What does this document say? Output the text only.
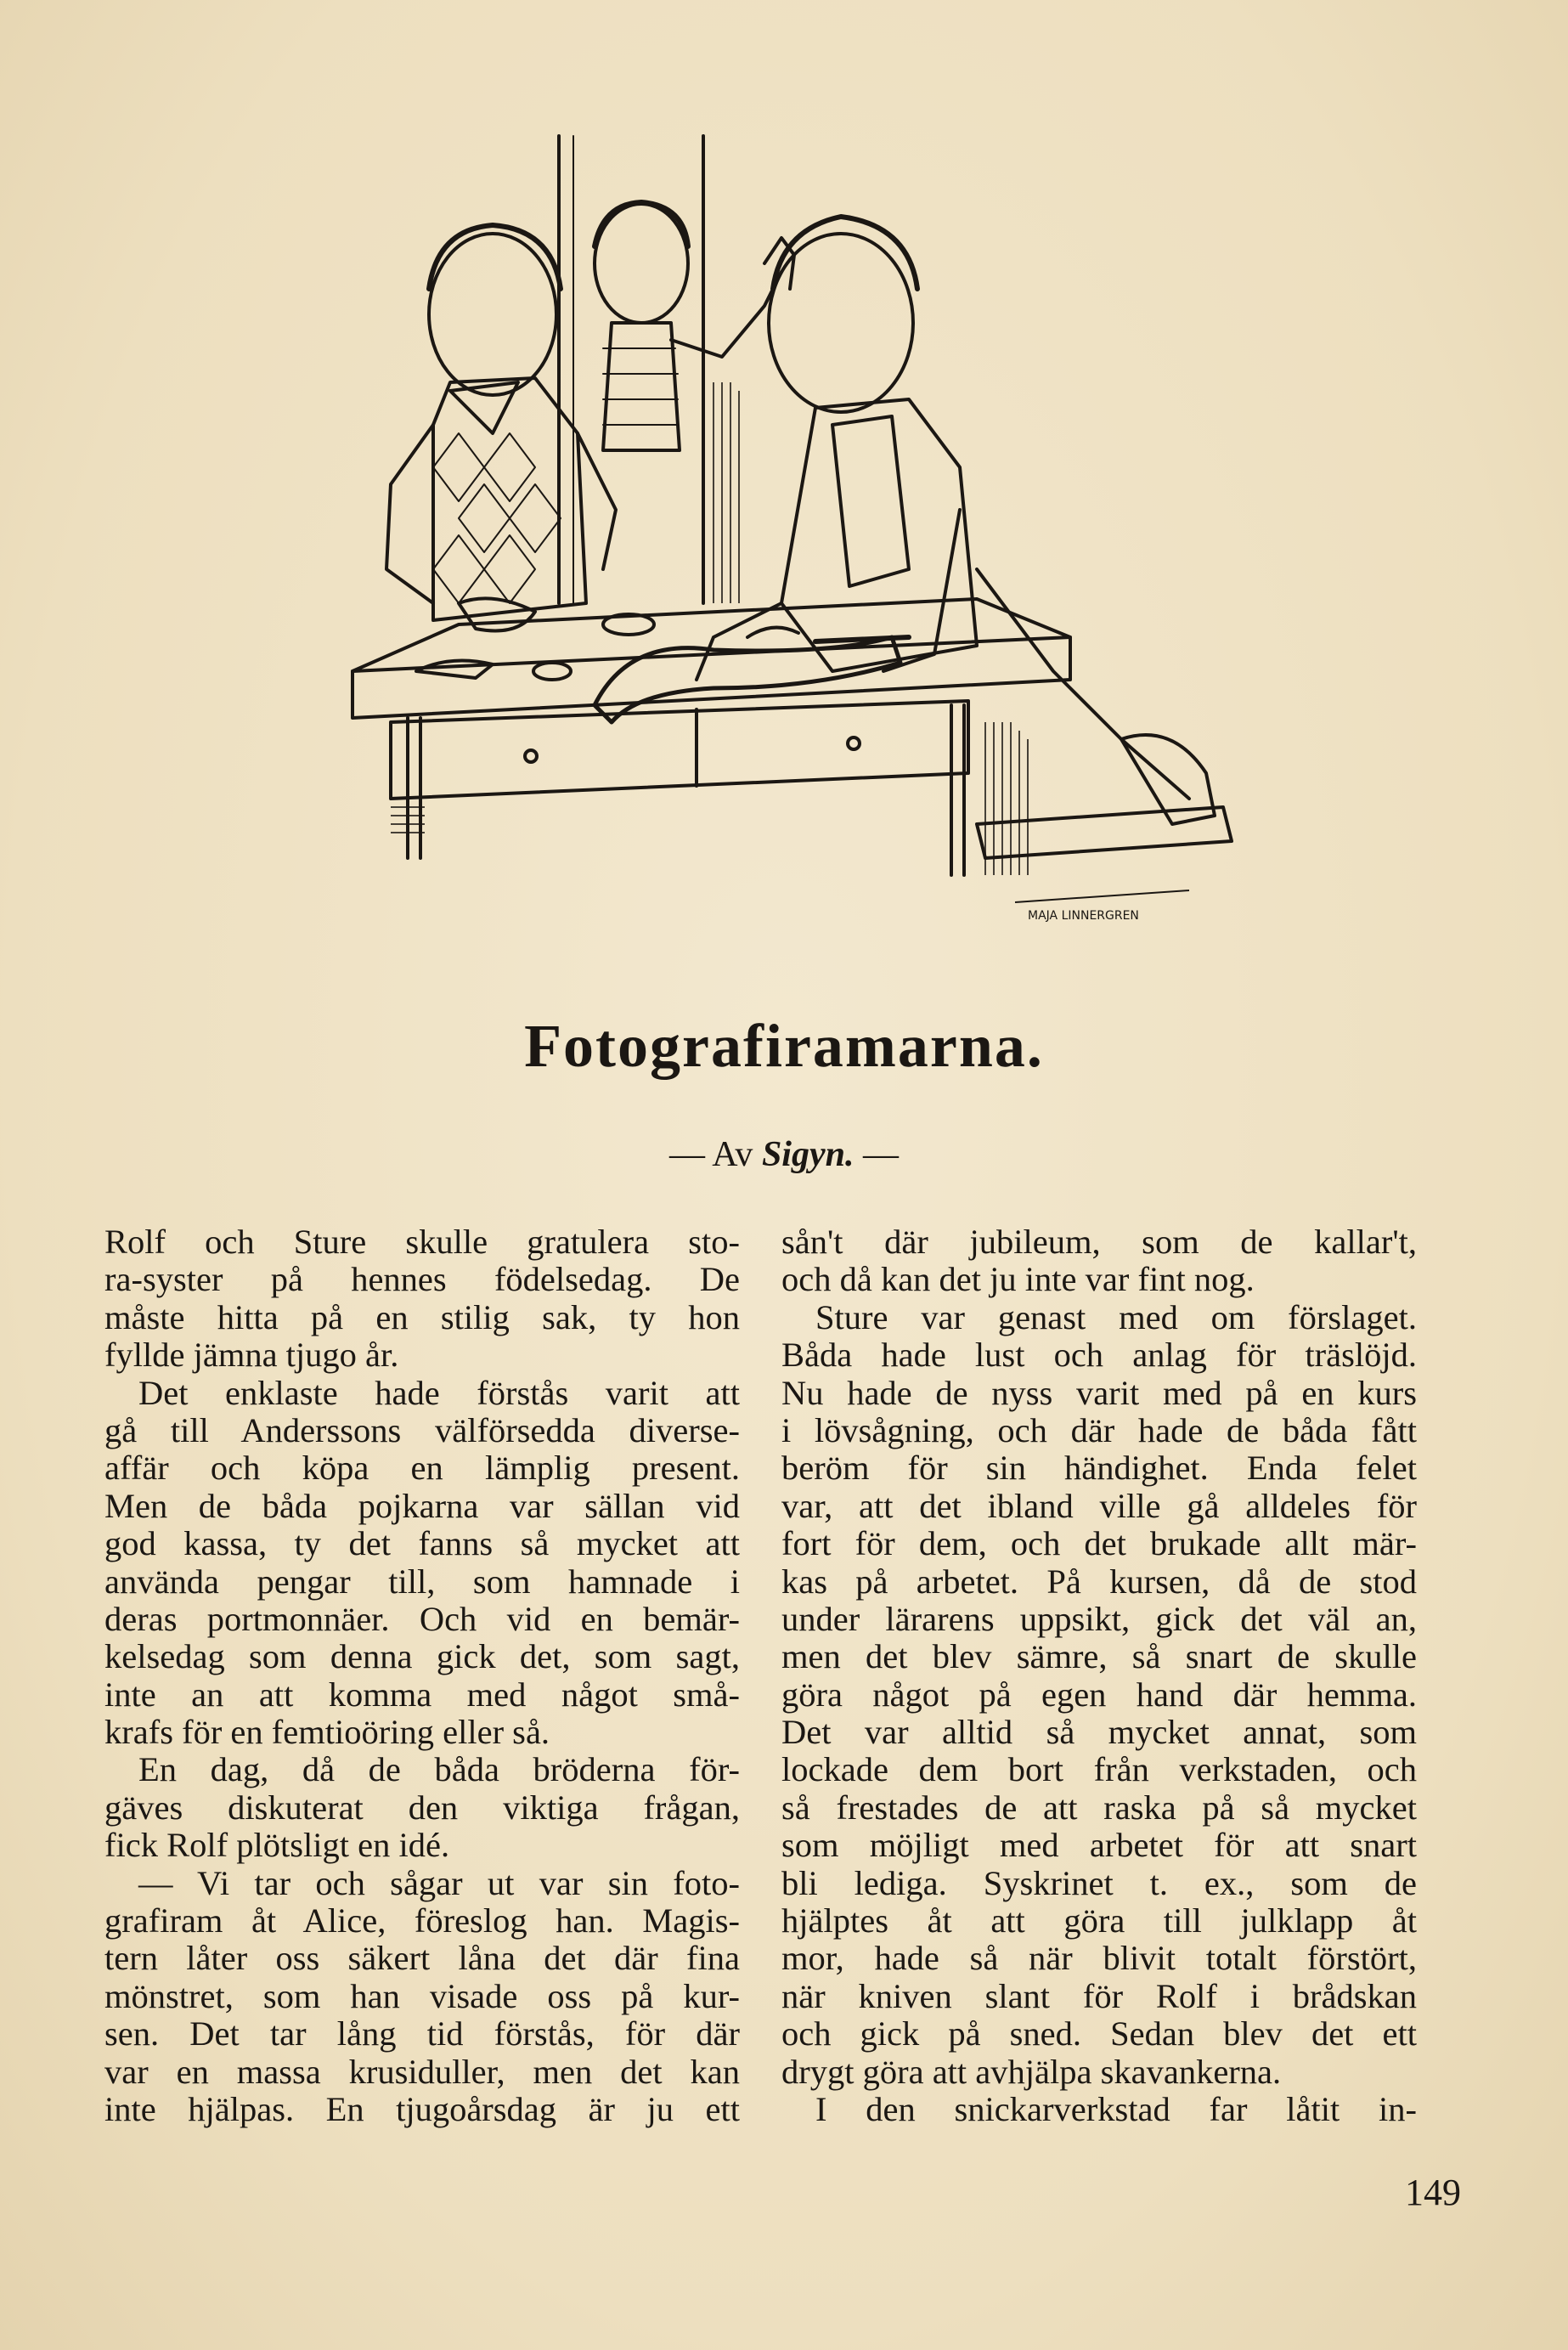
MAJA LINNERGREN
Fotografiramarna.
— Av Sigyn. —
Rolf och Sture skulle gratulera sto-
ra-syster på hennes födelsedag. De
måste hitta på en stilig sak, ty hon
fyllde jämna tjugo år.
Det enklaste hade förstås varit att
gå till Anderssons välförsedda diverse-
affär och köpa en lämplig present.
Men de båda pojkarna var sällan vid
god kassa, ty det fanns så mycket att
använda pengar till, som hamnade i
deras portmonnäer. Och vid en bemär-
kelsedag som denna gick det, som sagt,
inte an att komma med något små-
krafs för en femtioöring eller så.
En dag, då de båda bröderna för-
gäves diskuterat den viktiga frågan,
fick Rolf plötsligt en idé.
— Vi tar och sågar ut var sin foto-
grafiram åt Alice, föreslog han. Magis-
tern låter oss säkert låna det där fina
mönstret, som han visade oss på kur-
sen. Det tar lång tid förstås, för där
var en massa krusiduller, men det kan
inte hjälpas. En tjugoårsdag är ju ett
sån't där jubileum, som de kallar't,
och då kan det ju inte var fint nog.
Sture var genast med om förslaget.
Båda hade lust och anlag för träslöjd.
Nu hade de nyss varit med på en kurs
i lövsågning, och där hade de båda fått
beröm för sin händighet. Enda felet
var, att det ibland ville gå alldeles för
fort för dem, och det brukade allt mär-
kas på arbetet. På kursen, då de stod
under lärarens uppsikt, gick det väl an,
men det blev sämre, så snart de skulle
göra något på egen hand där hemma.
Det var alltid så mycket annat, som
lockade dem bort från verkstaden, och
så frestades de att raska på så mycket
som möjligt med arbetet för att snart
bli lediga. Syskrinet t. ex., som de
hjälptes åt att göra till julklapp åt
mor, hade så när blivit totalt förstört,
när kniven slant för Rolf i brådskan
och gick på sned. Sedan blev det ett
drygt göra att avhjälpa skavankerna.
I den snickarverkstad far låtit in-
149
